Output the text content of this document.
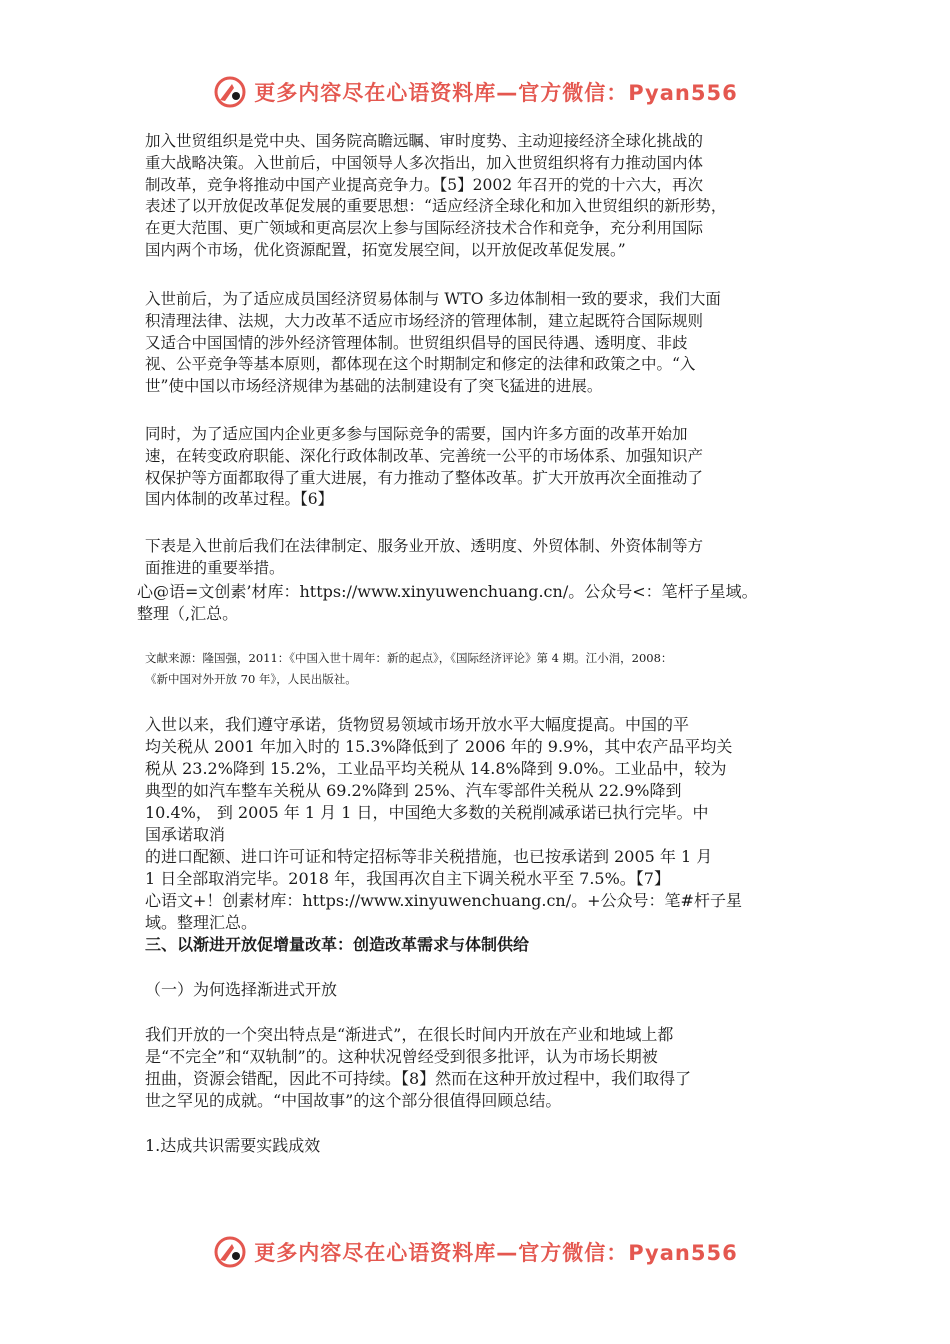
更多内容尽在心语资料库—官方微信：Pyan556
加入世贸组织是党中央、国务院高瞻远瞩、审时度势、主动迎接经济全球化挑战的
重大战略决策。入世前后，中国领导人多次指出，加入世贸组织将有力推动国内体
制改革，竞争将推动中国产业提高竞争力。【5】2002 年召开的党的十六大，再次
表述了以开放促改革促发展的重要思想：“适应经济全球化和加入世贸组织的新形势，
在更大范围、更广领域和更高层次上参与国际经济技术合作和竞争，充分利用国际
国内两个市场，优化资源配置，拓宽发展空间，以开放促改革促发展。”
入世前后，为了适应成员国经济贸易体制与 WTO 多边体制相一致的要求，我们大面
积清理法律、法规，大力改革不适应市场经济的管理体制，建立起既符合国际规则
又适合中国国情的涉外经济管理体制。世贸组织倡导的国民待遇、透明度、非歧
视、公平竞争等基本原则，都体现在这个时期制定和修定的法律和政策之中。“入
世”使中国以市场经济规律为基础的法制建设有了突飞猛进的进展。
同时，为了适应国内企业更多参与国际竞争的需要，国内许多方面的改革开始加
速，在转变政府职能、深化行政体制改革、完善统一公平的市场体系、加强知识产
权保护等方面都取得了重大进展，有力推动了整体改革。扩大开放再次全面推动了
国内体制的改革过程。【6】
下表是入世前后我们在法律制定、服务业开放、透明度、外贸体制、外资体制等方
面推进的重要举措。
心@语=文创素’材库：https://www.xinyuwenchuang.cn/。公众号<：笔杆子星域。
整理（,汇总。
文献来源：隆国强，2011：《中国入世十周年：新的起点》，《国际经济评论》第 4 期。江小涓，2008：
《新中国对外开放 70 年》，人民出版社。
入世以来，我们遵守承诺，货物贸易领域市场开放水平大幅度提高。中国的平
均关税从 2001 年加入时的 15.3%降低到了 2006 年的 9.9%，其中农产品平均关
税从 23.2%降到 15.2%，工业品平均关税从 14.8%降到 9.0%。工业品中，较为
典型的如汽车整车关税从 69.2%降到 25%、汽车零部件关税从 22.9%降到
10.4%， 到 2005 年 1 月 1 日，中国绝大多数的关税削减承诺已执行完毕。中
国承诺取消
的进口配额、进口许可证和特定招标等非关税措施，也已按承诺到 2005 年 1 月
1 日全部取消完毕。2018 年，我国再次自主下调关税水平至 7.5%。【7】
心语文+！创素材库：https://www.xinyuwenchuang.cn/。+公众号：笔#杆子星
域。整理汇总。
三、以渐进开放促增量改革：创造改革需求与体制供给
（一）为何选择渐进式开放
我们开放的一个突出特点是“渐进式”，在很长时间内开放在产业和地域上都
是“不完全”和“双轨制”的。这种状况曾经受到很多批评，认为市场长期被
扭曲，资源会错配，因此不可持续。【8】然而在这种开放过程中，我们取得了
世之罕见的成就。“中国故事”的这个部分很值得回顾总结。
1.达成共识需要实践成效
更多内容尽在心语资料库—官方微信：Pyan556
